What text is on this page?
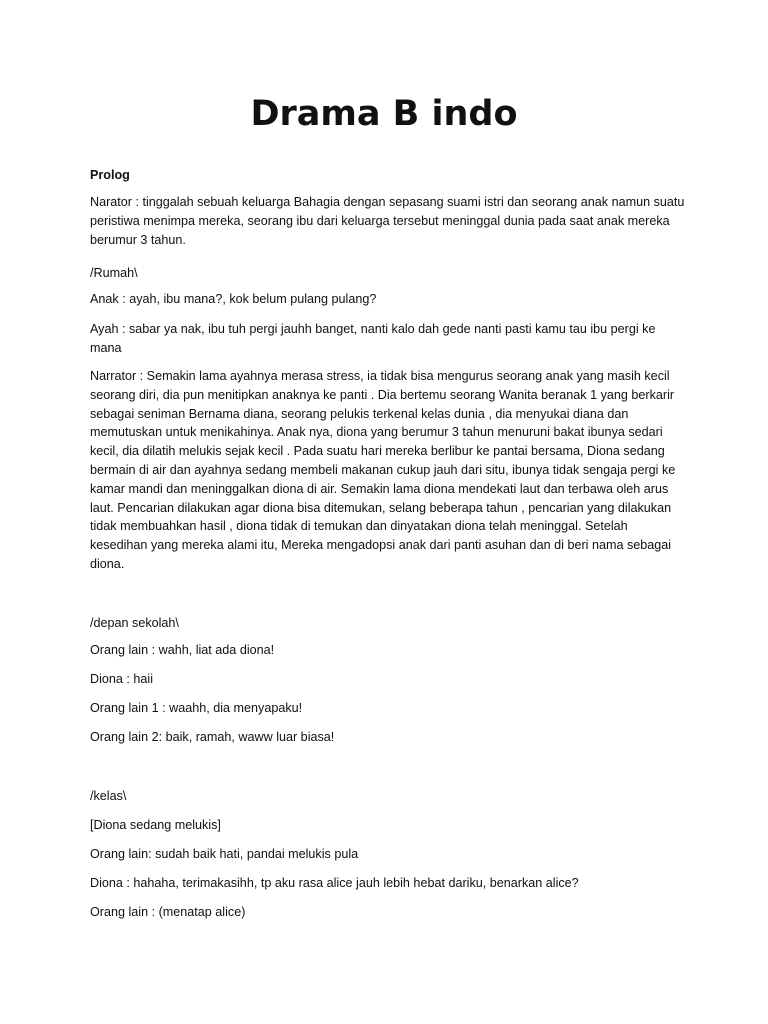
Drama B indo

Prolog

Narator : tinggalah sebuah keluarga Bahagia dengan sepasang suami istri dan seorang anak namun suatu
peristiwa menimpa mereka, seorang ibu dari keluarga tersebut meninggal dunia pada saat anak mereka
berumur 3 tahun.

/Rumah\

Anak : ayah, ibu mana?, kok belum pulang pulang?

Ayah : sabar ya nak, ibu tuh pergi jauhh banget, nanti kalo dah gede nanti pasti kamu tau ibu pergi ke
mana

Narrator : Semakin lama ayahnya merasa stress, ia tidak bisa mengurus seorang anak yang masih kecil
seorang diri, dia pun menitipkan anaknya ke panti . Dia bertemu seorang Wanita beranak 1 yang berkarir
sebagai seniman Bernama diana, seorang pelukis terkenal kelas dunia , dia menyukai diana dan
memutuskan untuk menikahinya. Anak nya, diona yang berumur 3 tahun menuruni bakat ibunya sedari
kecil, dia dilatih melukis sejak kecil . Pada suatu hari mereka berlibur ke pantai bersama, Diona sedang
bermain di air dan ayahnya sedang membeli makanan cukup jauh dari situ, ibunya tidak sengaja pergi ke
kamar mandi dan meninggalkan diona di air. Semakin lama diona mendekati laut dan terbawa oleh arus
laut. Pencarian dilakukan agar diona bisa ditemukan, selang beberapa tahun , pencarian yang dilakukan
tidak membuahkan hasil , diona tidak di temukan dan dinyatakan diona telah meninggal. Setelah
kesedihan yang mereka alami itu, Mereka mengadopsi anak dari panti asuhan dan di beri nama sebagai
diona.

/depan sekolah\

Orang lain : wahh, liat ada diona!

Diona : haii

Orang lain 1 : waahh, dia menyapaku!

Orang lain 2: baik, ramah, waww luar biasa!

/kelas\

[Diona sedang melukis]

Orang lain: sudah baik hati, pandai melukis pula

Diona : hahaha, terimakasihh, tp aku rasa alice jauh lebih hebat dariku, benarkan alice?

Orang lain : (menatap alice)
